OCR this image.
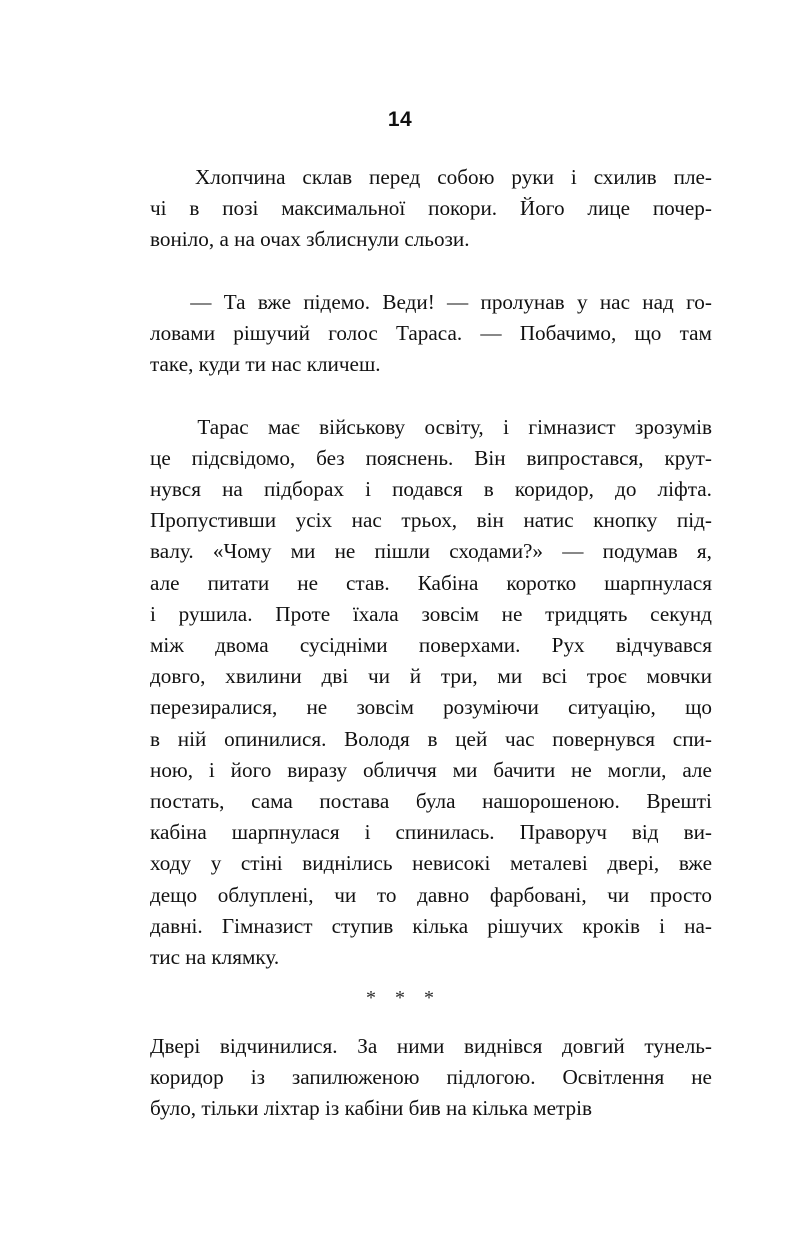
14

Хлопчина склав перед собою руки і схилив пле-
чі в позі максимальної покори. Його лице почер-
воніло, а на очах зблиснули сльози.

— Та вже підемо. Веди! — пролунав у нас над го-
ловами рішучий голос Тараса. — Побачимо, що там
таке, куди ти нас кличеш.

Тарас має військову освіту, і гімназист зрозумів
це підсвідомо, без пояснень. Він випростався, крут-
нувся на підборах і подався в коридор, до ліфта.
Пропустивши усіх нас трьох, він натис кнопку під-
валу. «Чому ми не пішли сходами?» — подумав я,
але питати не став. Кабіна коротко шарпнулася
і рушила. Проте їхала зовсім не тридцять секунд
між двома сусідніми поверхами. Рух відчувався
довго, хвилини дві чи й три, ми всі троє мовчки
перезиралися, не зовсім розуміючи ситуацію, що
в ній опинилися. Володя в цей час повернувся спи-
ною, і його виразу обличчя ми бачити не могли, але
постать, сама постава була нашорошеною. Врешті
кабіна шарпнулася і спинилась. Праворуч від ви-
ходу у стіні виднілись невисокі металеві двері, вже
дещо облуплені, чи то давно фарбовані, чи просто
давні. Гімназист ступив кілька рішучих кроків і на-
тис на клямку.

* * *

Двері відчинилися. За ними виднівся довгий тунель-
коридор із запилюженою підлогою. Освітлення не
було, тільки ліхтар із кабіни бив на кілька метрів
